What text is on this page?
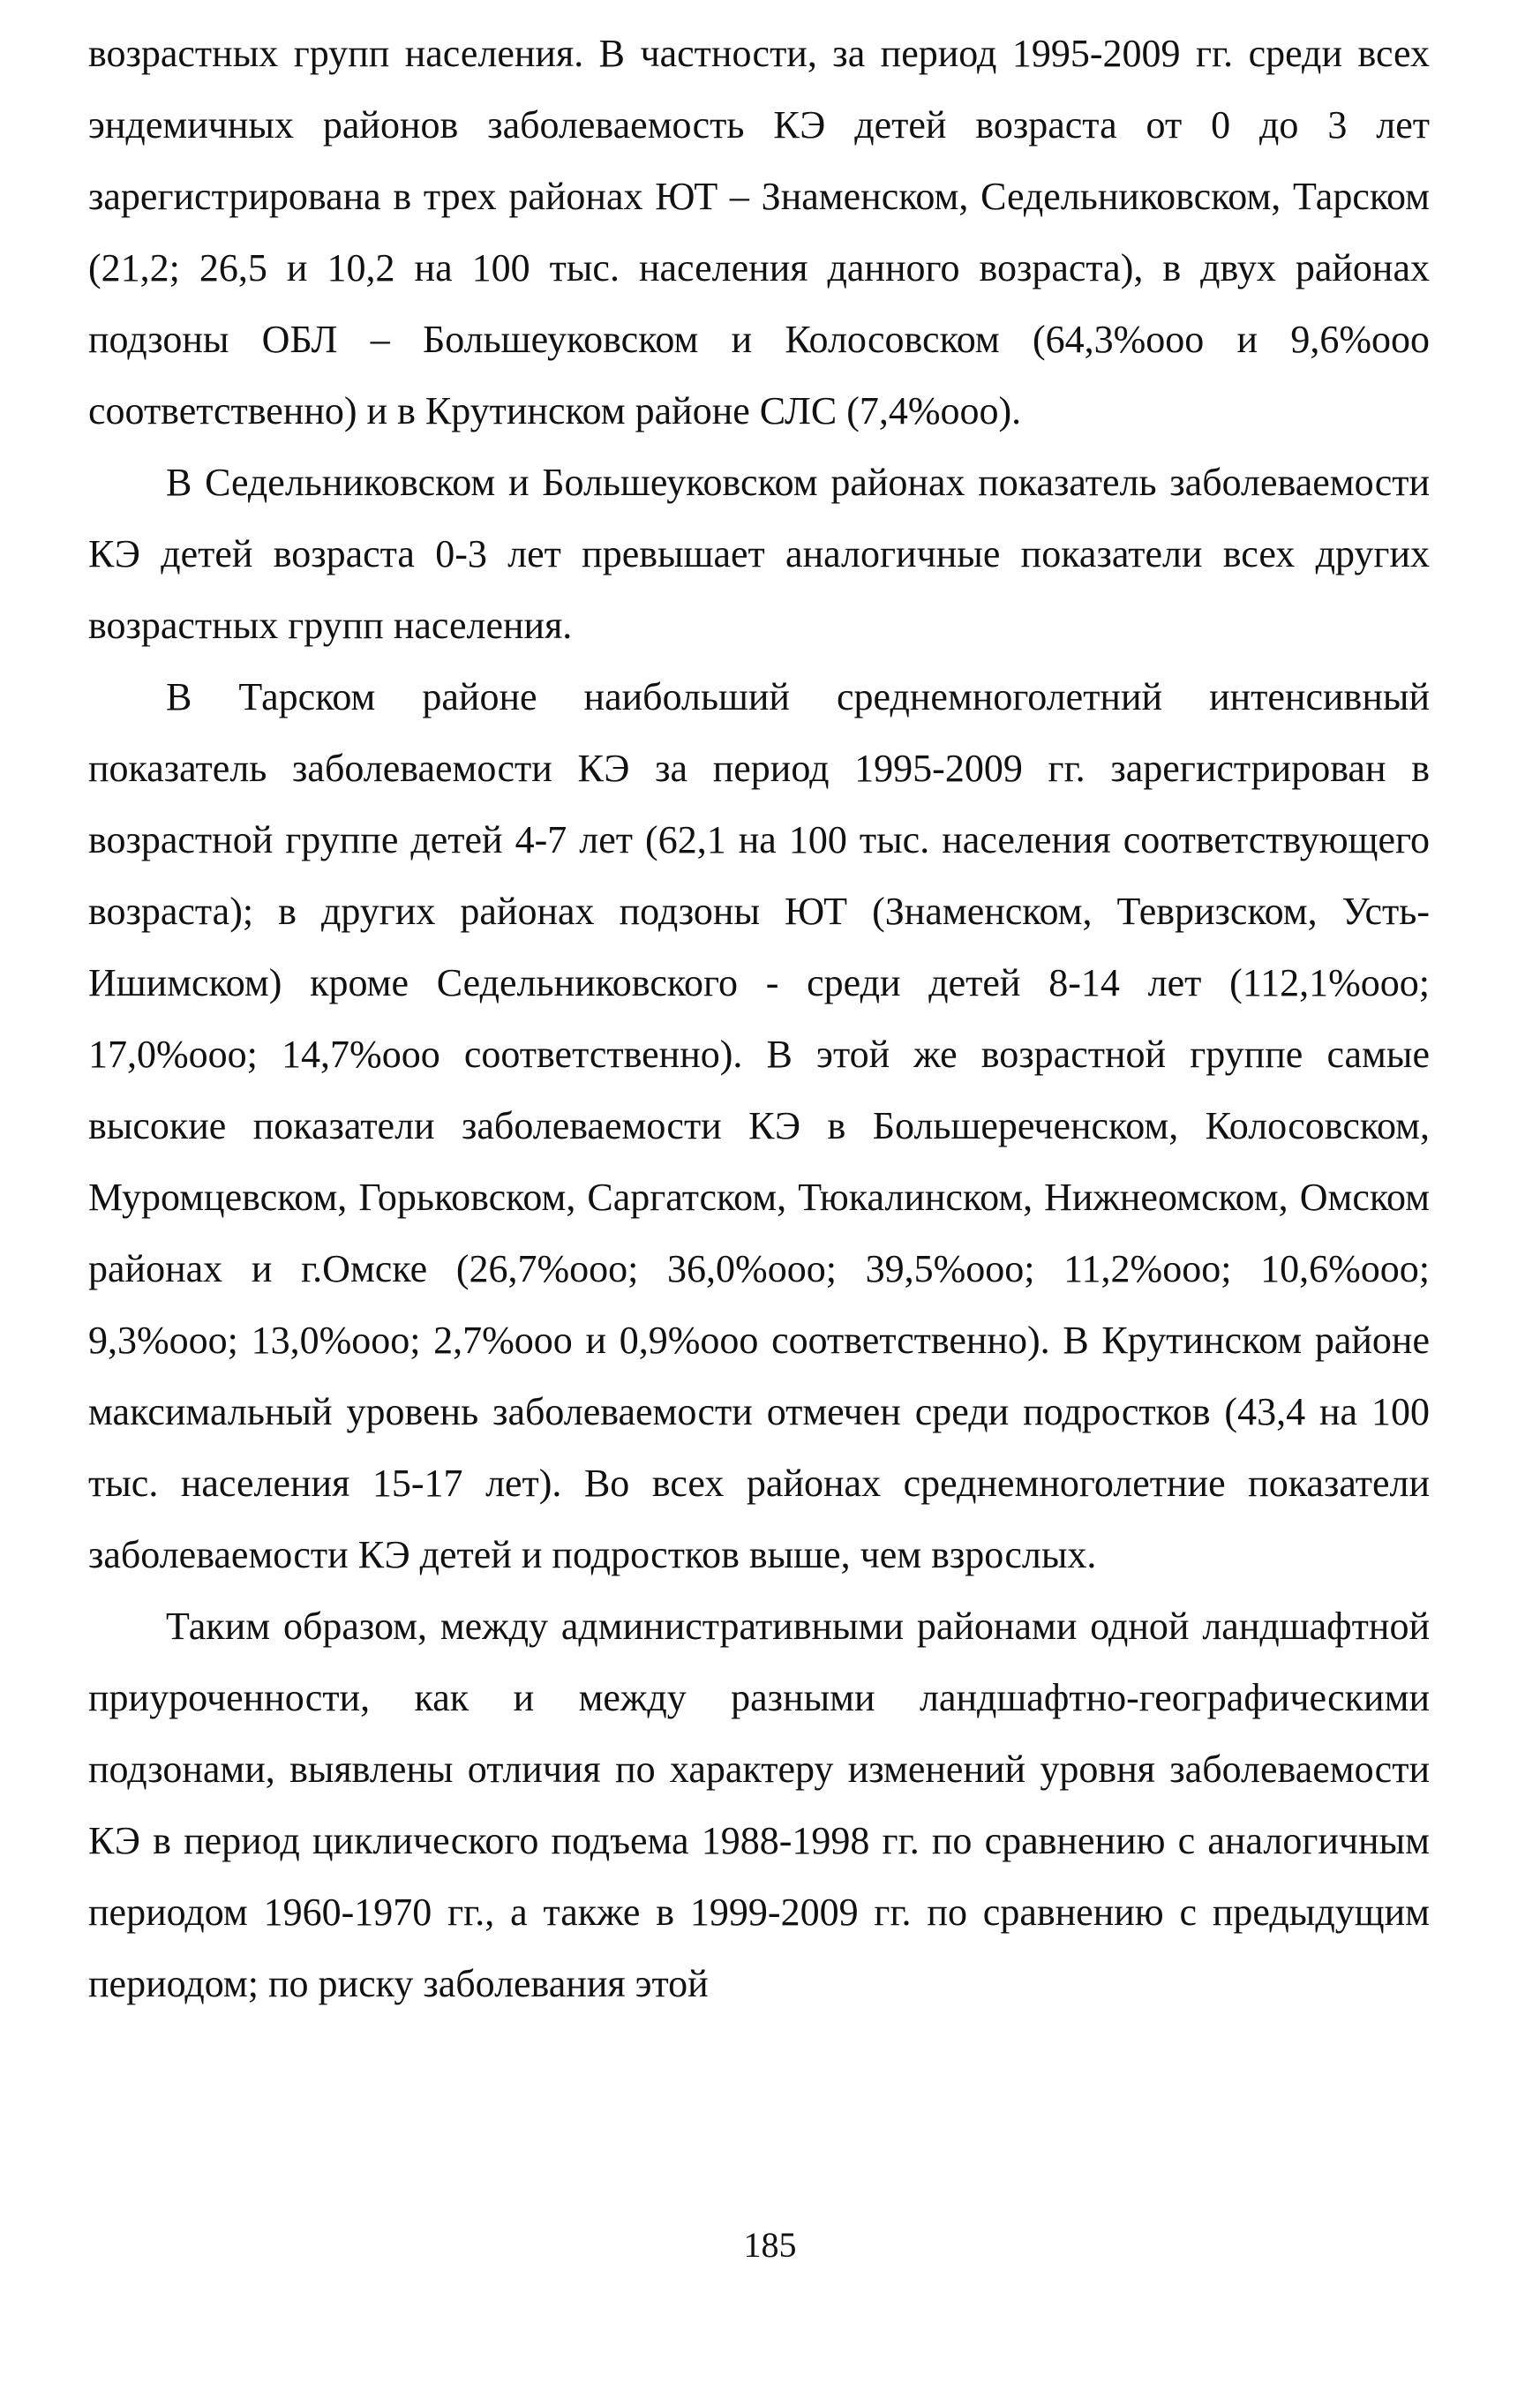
возрастных групп населения. В частности, за период 1995-2009 гг. среди всех эндемичных районов заболеваемость КЭ детей возраста от 0 до 3 лет зарегистрирована в трех районах ЮТ – Знаменском, Седельниковском, Тарском (21,2; 26,5 и 10,2 на 100 тыс. населения данного возраста), в двух районах подзоны ОБЛ – Большеуковском и Колосовском (64,3%ооо и 9,6%ооо соответственно) и в Крутинском районе СЛС (7,4%ооо).

В Седельниковском и Большеуковском районах показатель заболеваемости КЭ детей возраста 0-3 лет превышает аналогичные показатели всех других возрастных групп населения.

В Тарском районе наибольший среднемноголетний интенсивный показатель заболеваемости КЭ за период 1995-2009 гг. зарегистрирован в возрастной группе детей 4-7 лет (62,1 на 100 тыс. населения соответствующего возраста); в других районах подзоны ЮТ (Знаменском, Тевризском, Усть-Ишимском) кроме Седельниковского - среди детей 8-14 лет (112,1%ооо; 17,0%ооо; 14,7%ооо соответственно). В этой же возрастной группе самые высокие показатели заболеваемости КЭ в Большереченском, Колосовском, Муромцевском, Горьковском, Саргатском, Тюкалинском, Нижнеомском, Омском районах и г.Омске (26,7%ооо; 36,0%ооо; 39,5%ооо; 11,2%ооо; 10,6%ооо; 9,3%ооо; 13,0%ооо; 2,7%ооо и 0,9%ооо соответственно). В Крутинском районе максимальный уровень заболеваемости отмечен среди подростков (43,4 на 100 тыс. населения 15-17 лет). Во всех районах среднемноголетние показатели заболеваемости КЭ детей и подростков выше, чем взрослых.

Таким образом, между административными районами одной ландшафтной приуроченности, как и между разными ландшафтно-географическими подзонами, выявлены отличия по характеру изменений уровня заболеваемости КЭ в период циклического подъема 1988-1998 гг. по сравнению с аналогичным периодом 1960-1970 гг., а также в 1999-2009 гг. по сравнению с предыдущим периодом; по риску заболевания этой

185
